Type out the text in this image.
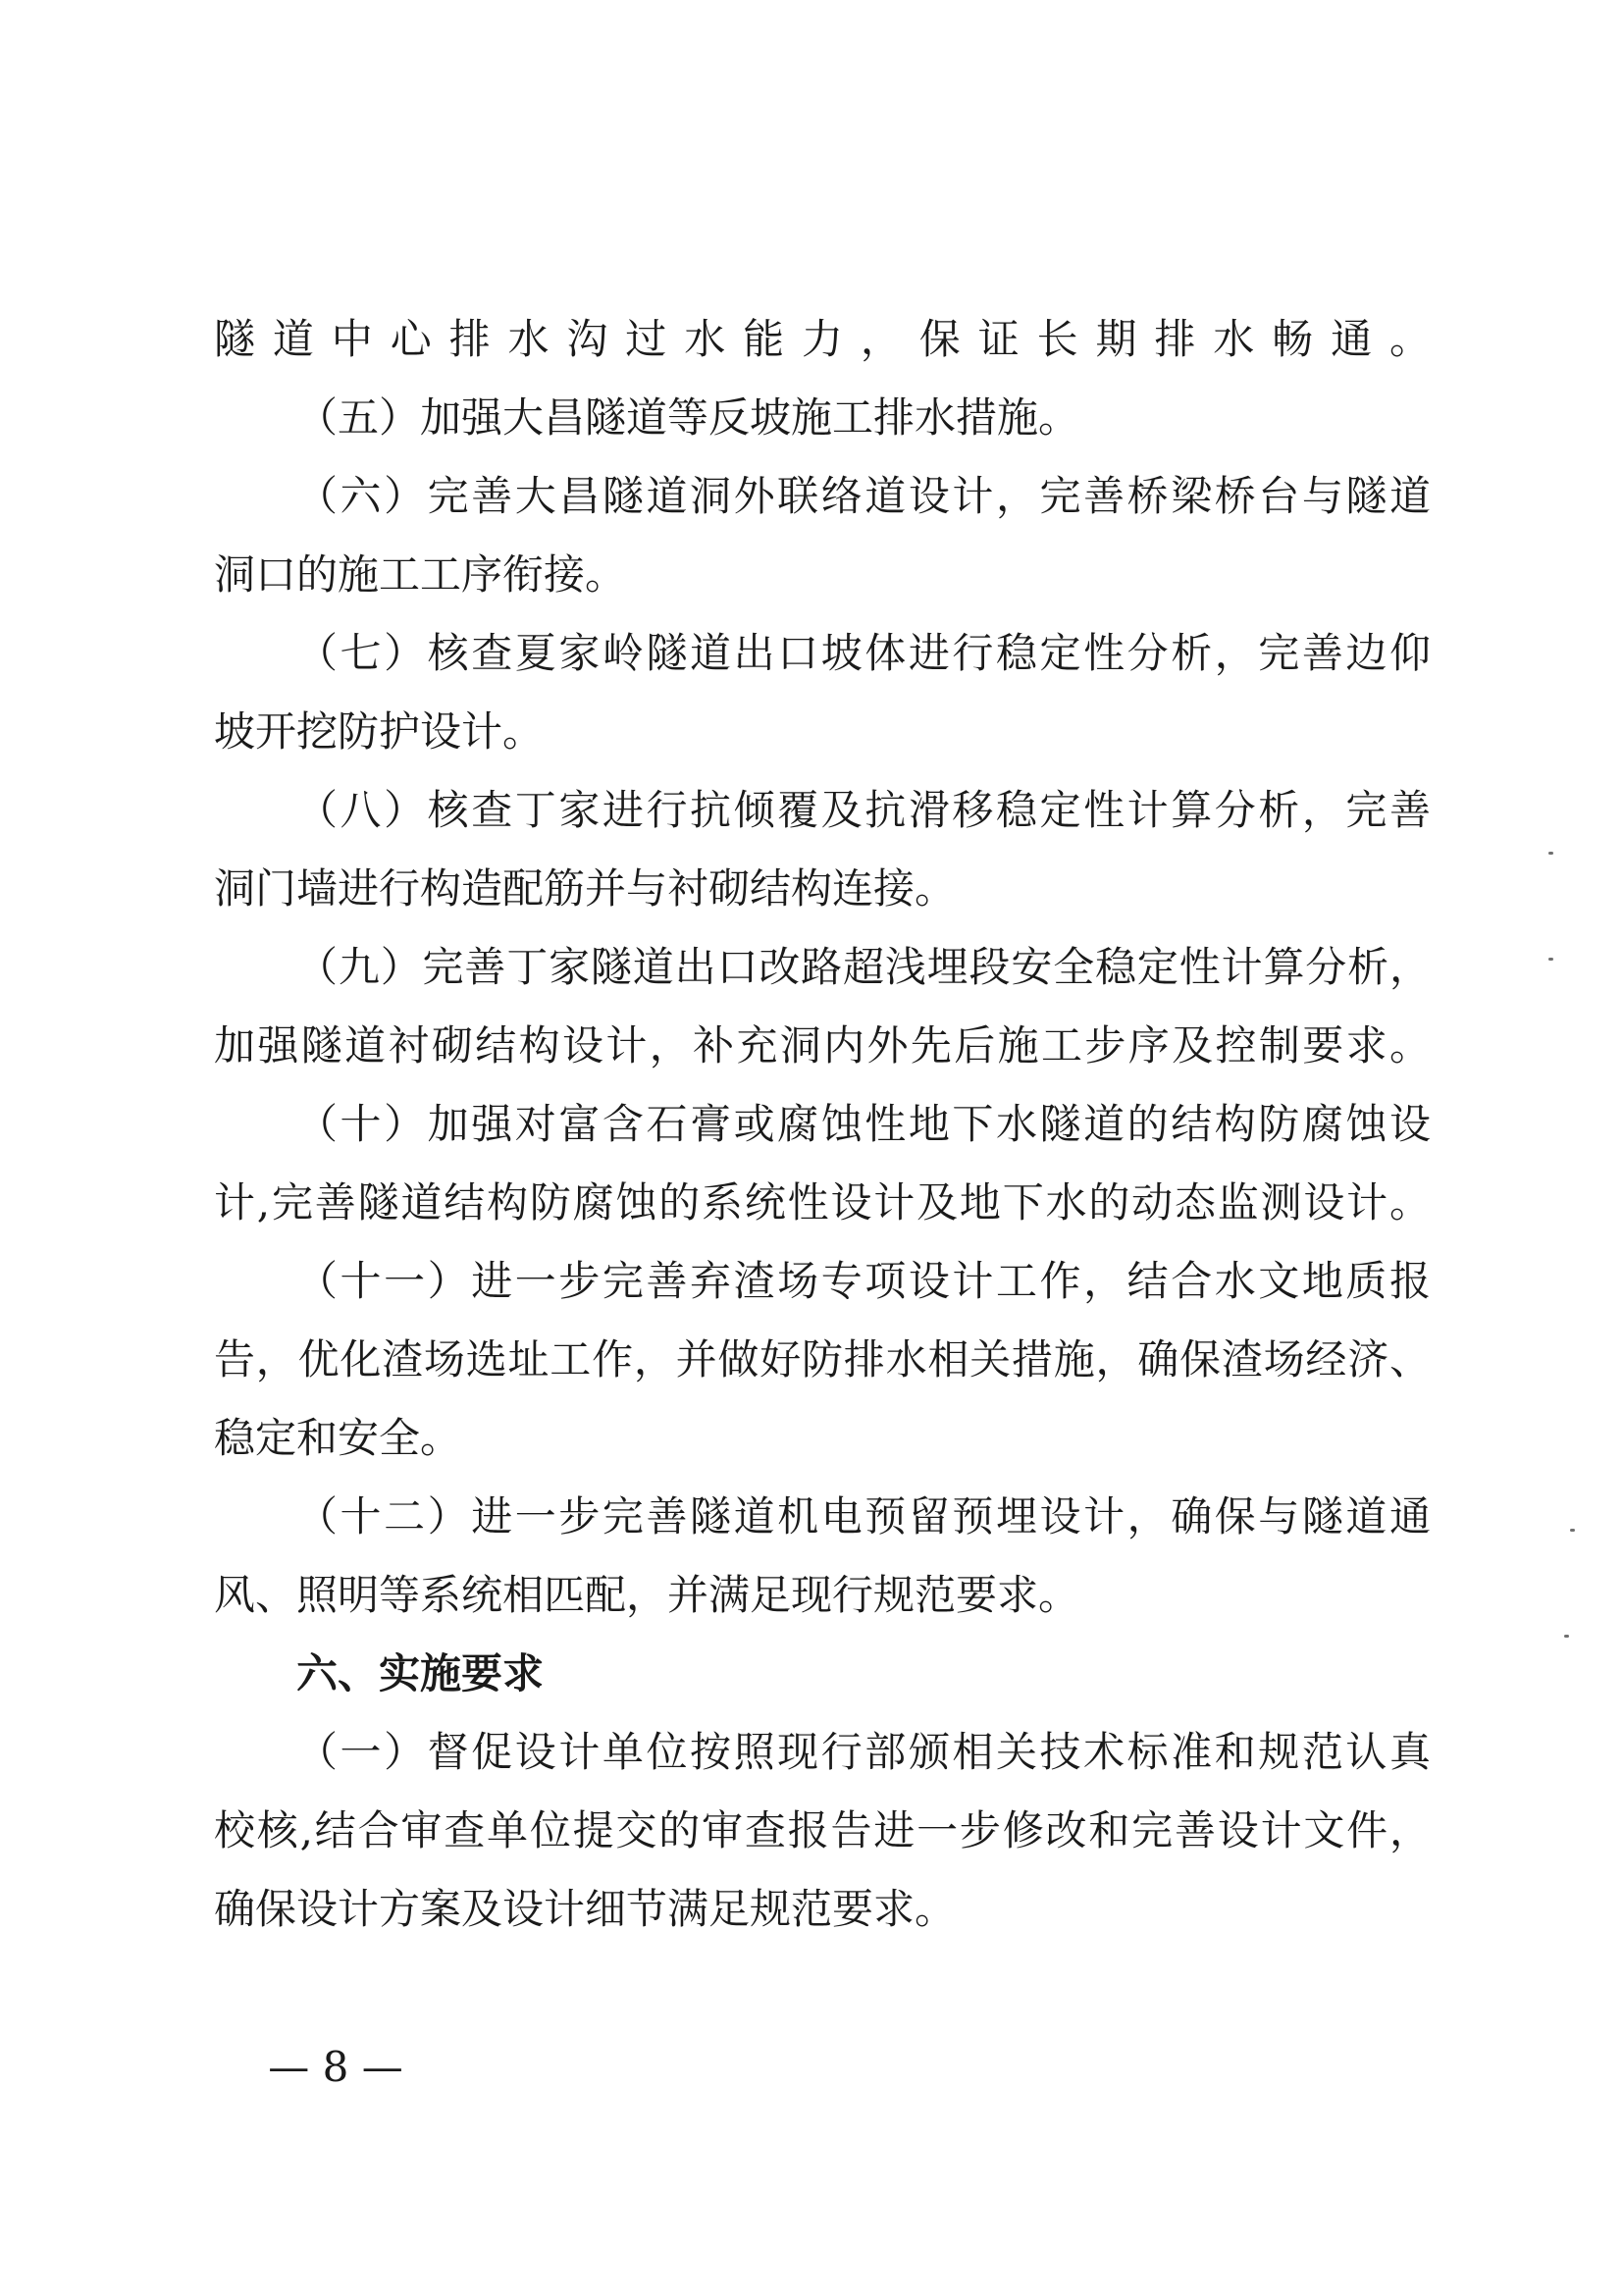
隧道中心排水沟过水能力，保证长期排水畅通。
（五）加强大昌隧道等反坡施工排水措施。
（六）完善大昌隧道洞外联络道设计，完善桥梁桥台与隧道
洞口的施工工序衔接。
（七）核查夏家岭隧道出口坡体进行稳定性分析，完善边仰
坡开挖防护设计。
（八）核查丁家进行抗倾覆及抗滑移稳定性计算分析，完善
洞门墙进行构造配筋并与衬砌结构连接。
（九）完善丁家隧道出口改路超浅埋段安全稳定性计算分析，
加强隧道衬砌结构设计，补充洞内外先后施工步序及控制要求。
（十）加强对富含石膏或腐蚀性地下水隧道的结构防腐蚀设
计,完善隧道结构防腐蚀的系统性设计及地下水的动态监测设计。
（十一）进一步完善弃渣场专项设计工作，结合水文地质报
告，优化渣场选址工作，并做好防排水相关措施，确保渣场经济、
稳定和安全。
（十二）进一步完善隧道机电预留预埋设计，确保与隧道通
风、照明等系统相匹配，并满足现行规范要求。
六、实施要求
（一）督促设计单位按照现行部颁相关技术标准和规范认真
校核,结合审查单位提交的审查报告进一步修改和完善设计文件，
确保设计方案及设计细节满足规范要求。
— 8 —
